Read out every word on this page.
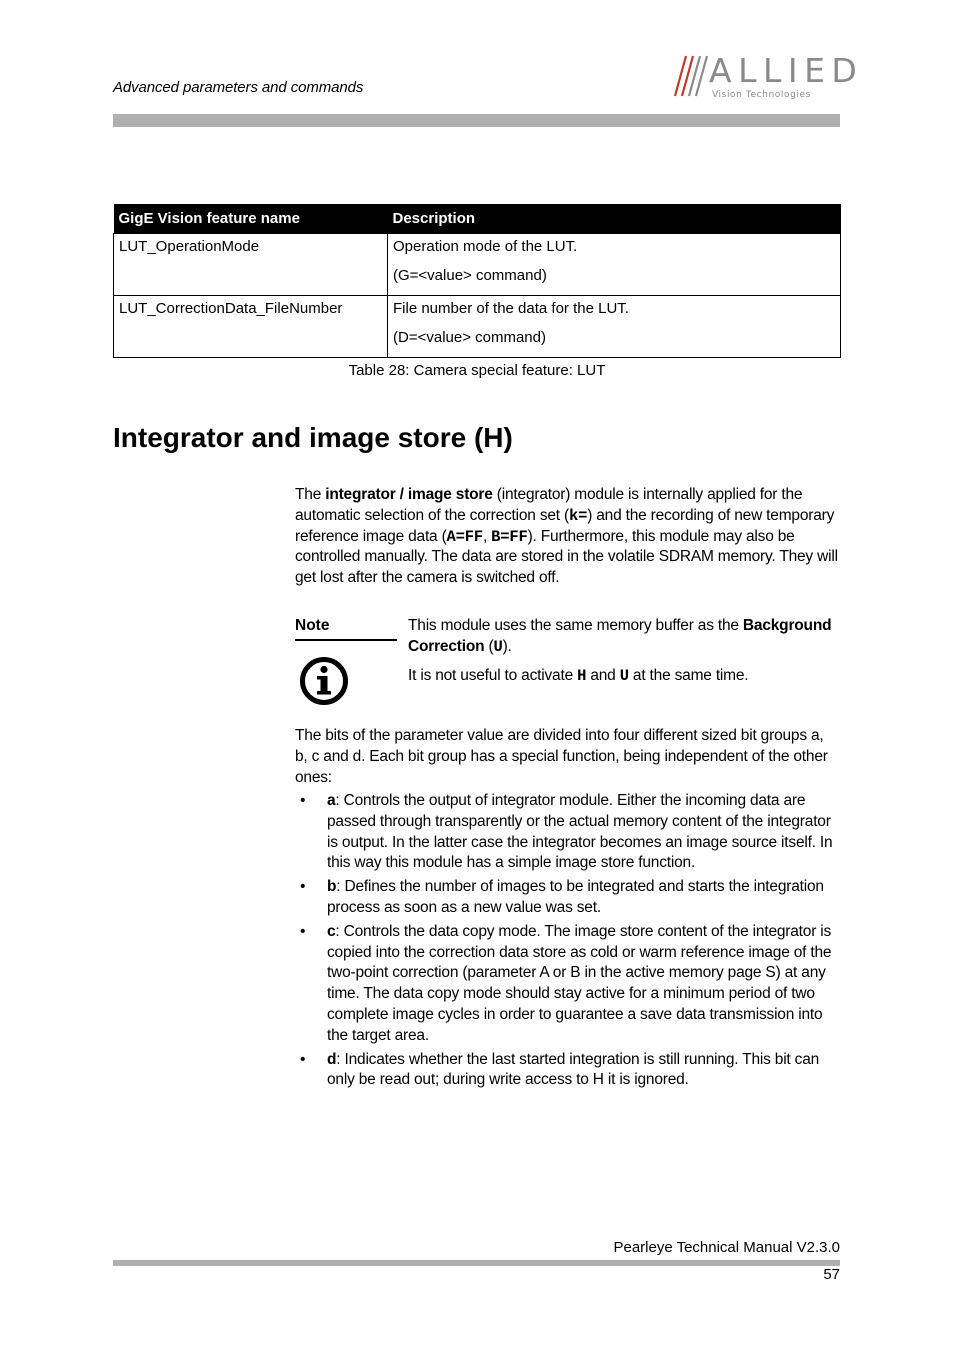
Advanced parameters and commands	ALLIED
Vision Technologies
GigE Vision feature name	Description

LUT_OperationMode	Operation mode of the LUT.

(G=<value> command)

LUT_CorrectionData_FileNumber	File number of the data for the LUT.

(D=<value> command)

Table 28: Camera special feature: LUT
Integrator and image store (H)

The integrator / image store (integrator) module is internally applied for the automatic selection of the correction set (k=) and the recording of new temporary reference image data (A=FF, B=FF). Furthermore, this module may also be controlled manually. The data are stored in the volatile SDRAM memory. They will get lost after the camera is switched off.

Note	This module uses the same memory buffer as the Background Correction (U).

It is not useful to activate H and U at the same time.

The bits of the parameter value are divided into four different sized bit groups a, b, c and d. Each bit group has a special function, being independent of the other ones:

• a: Controls the output of integrator module. Either the incoming data are passed through transparently or the actual memory content of the integrator is output. In the latter case the integrator becomes an image source itself. In this way this module has a simple image store function.
• b: Defines the number of images to be integrated and starts the integration process as soon as a new value was set.
• c: Controls the data copy mode. The image store content of the integrator is copied into the correction data store as cold or warm reference image of the two-point correction (parameter A or B in the active memory page S) at any time. The data copy mode should stay active for a minimum period of two complete image cycles in order to guarantee a save data transmission into the target area.
• d: Indicates whether the last started integration is still running. This bit can only be read out; during write access to H it is ignored.
Pearleye Technical Manual V2.3.0
57
